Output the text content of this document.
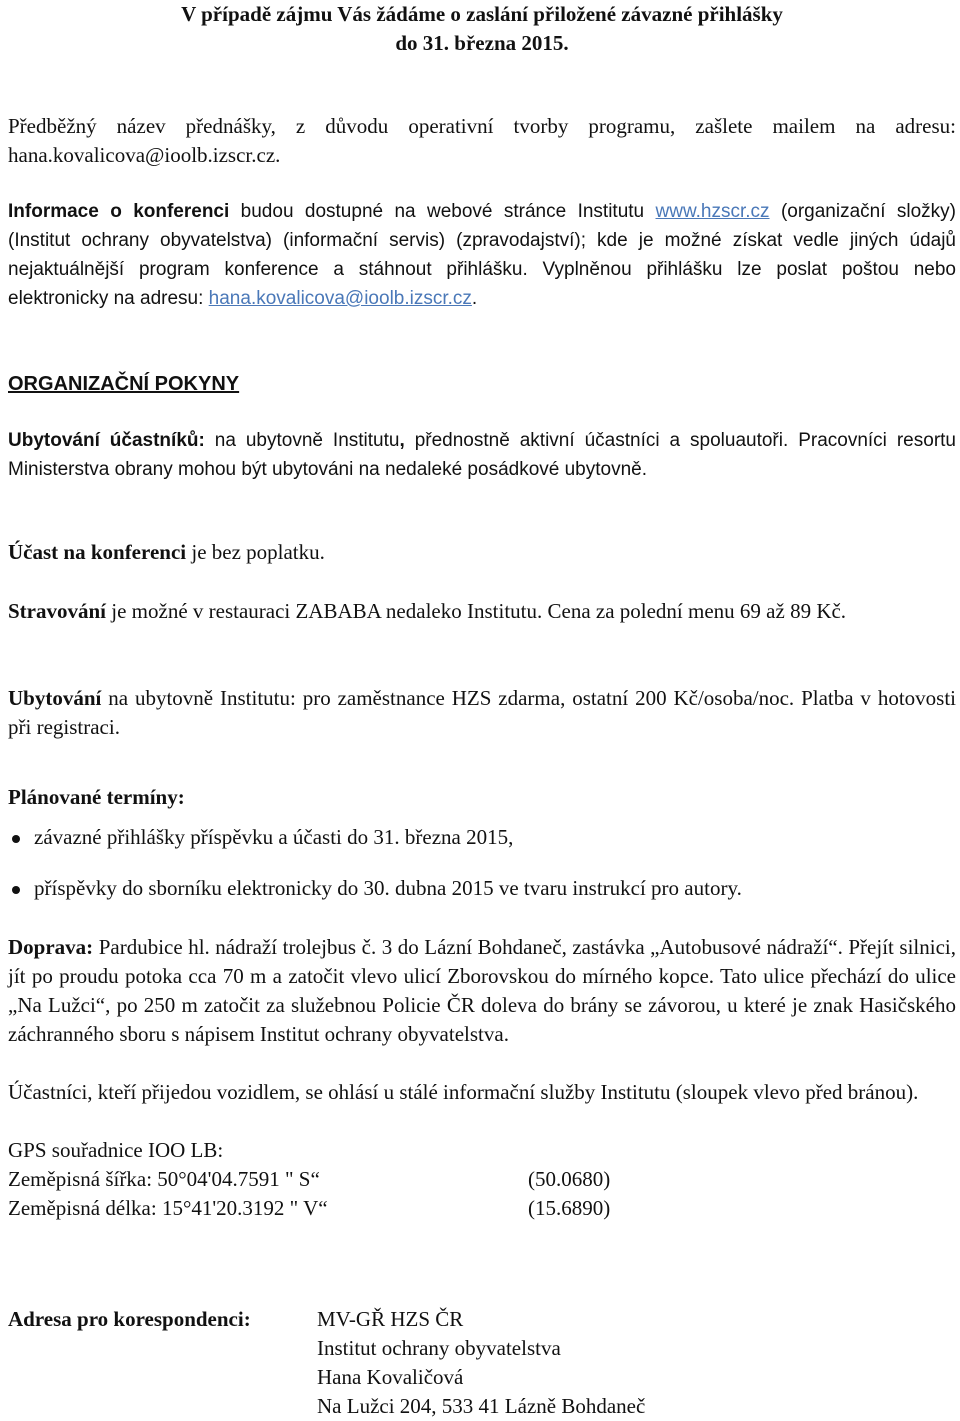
V případě zájmu Vás žádáme o zaslání přiložené závazné přihlášky
do 31. března 2015.
Předběžný název přednášky, z důvodu operativní tvorby programu, zašlete mailem na adresu: hana.kovalicova@ioolb.izscr.cz.
Informace o konferenci budou dostupné na webové stránce Institutu www.hzscr.cz (organizační složky) (Institut ochrany obyvatelstva) (informační servis) (zpravodajství); kde je možné získat vedle jiných údajů nejaktuálnější program konference a stáhnout přihlášku. Vyplněnou přihlášku lze poslat poštou nebo elektronicky na adresu: hana.kovalicova@ioolb.izscr.cz.
ORGANIZAČNÍ POKYNY
Ubytování účastníků: na ubytovně Institutu, přednostně aktivní účastníci a spoluautoři. Pracovníci resortu Ministerstva obrany mohou být ubytováni na nedaleké posádkové ubytovně.
Účast na konferenci je bez poplatku.
Stravování je možné v restauraci ZABABA nedaleko Institutu. Cena za polední menu 69 až 89 Kč.
Ubytování na ubytovně Institutu: pro zaměstnance HZS zdarma, ostatní 200 Kč/osoba/noc. Platba v hotovosti při registraci.
Plánované termíny:
závazné přihlášky příspěvku a účasti do 31. března 2015,
příspěvky do sborníku elektronicky do 30. dubna 2015 ve tvaru instrukcí pro autory.
Doprava: Pardubice hl. nádraží trolejbus č. 3 do Lázní Bohdaneč, zastávka „Autobusové nádraží“. Přejít silnici, jít po proudu potoka cca 70 m a zatočit vlevo ulicí Zborovskou do mírného kopce. Tato ulice přechází do ulice „Na Lužci“, po 250 m zatočit za služebnou Policie ČR doleva do brány se závorou, u které je znak Hasičského záchranného sboru s nápisem Institut ochrany obyvatelstva.
Účastníci, kteří přijedou vozidlem, se ohlásí u stálé informační služby Institutu (sloupek vlevo před bránou).
GPS souřadnice IOO LB:
Zeměpisná šířka: 50°04'04.7591 " S“	(50.0680)
Zeměpisná délka: 15°41'20.3192 " V“	(15.6890)
Adresa pro korespondenci:	MV-GŘ HZS ČR
Institut ochrany obyvatelstva
Hana Kovaličová
Na Lužci 204, 533 41 Lázně Bohdaneč
